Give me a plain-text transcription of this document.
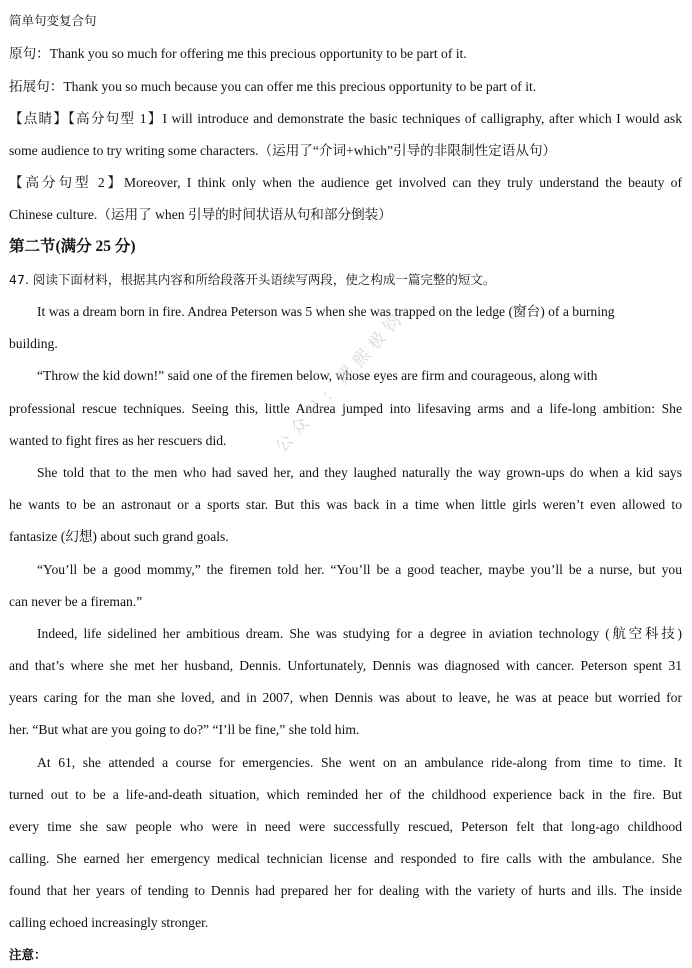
简单句变复合句
原句：Thank you so much for offering me this precious opportunity to be part of it.
拓展句：Thank you so much because you can offer me this precious opportunity to be part of it.
【点睛】【高分句型 1】I will introduce and demonstrate the basic techniques of calligraphy, after which I would ask
some audience to try writing some characters.（运用了“介词+which”引导的非限制性定语从句）
【高分句型 2】Moreover, I think only when the audience get involved can they truly understand the beauty of
Chinese culture.（运用了 when 引导的时间状语从句和部分倒装）
第二节(满分 25 分)
47. 阅读下面材料，根据其内容和所给段落开头语续写两段，使之构成一篇完整的短文。
It was a dream born in fire. Andrea Peterson was 5 when she was trapped on the ledge (窗台) of a burning
building.
“Throw the kid down!” said one of the firemen below, whose eyes are firm and courageous, along with
professional rescue techniques. Seeing this, little Andrea jumped into lifesaving arms and a life-long ambition: She
wanted to fight fires as her rescuers did.
She told that to the men who had saved her, and they laughed naturally the way grown-ups do when a kid says
he wants to be an astronaut or a sports star. But this was back in a time when little girls weren’t even allowed to
fantasize (幻想) about such grand goals.
“You’ll be a good mommy,” the firemen told her. “You’ll be a good teacher, maybe you’ll be a nurse, but you
can never be a fireman.”
Indeed, life sidelined her ambitious dream. She was studying for a degree in aviation technology (航空科技)
and that’s where she met her husband, Dennis. Unfortunately, Dennis was diagnosed with cancer. Peterson spent 31
years caring for the man she loved, and in 2007, when Dennis was about to leave, he was at peace but worried for
her. “But what are you going to do?” “I’ll be fine,” she told him.
At 61, she attended a course for emergencies. She went on an ambulance ride-along from time to time. It
turned out to be a life-and-death situation, which reminded her of the childhood experience back in the fire. But
every time she saw people who were in need were successfully rescued, Peterson felt that long-ago childhood
calling. She earned her emergency medical technician license and responded to fire calls with the ambulance. She
found that her years of tending to Dennis had prepared her for dealing with the variety of hurts and ills. The inside
calling echoed increasingly stronger.
注意：
公众号：熙熙极钧
